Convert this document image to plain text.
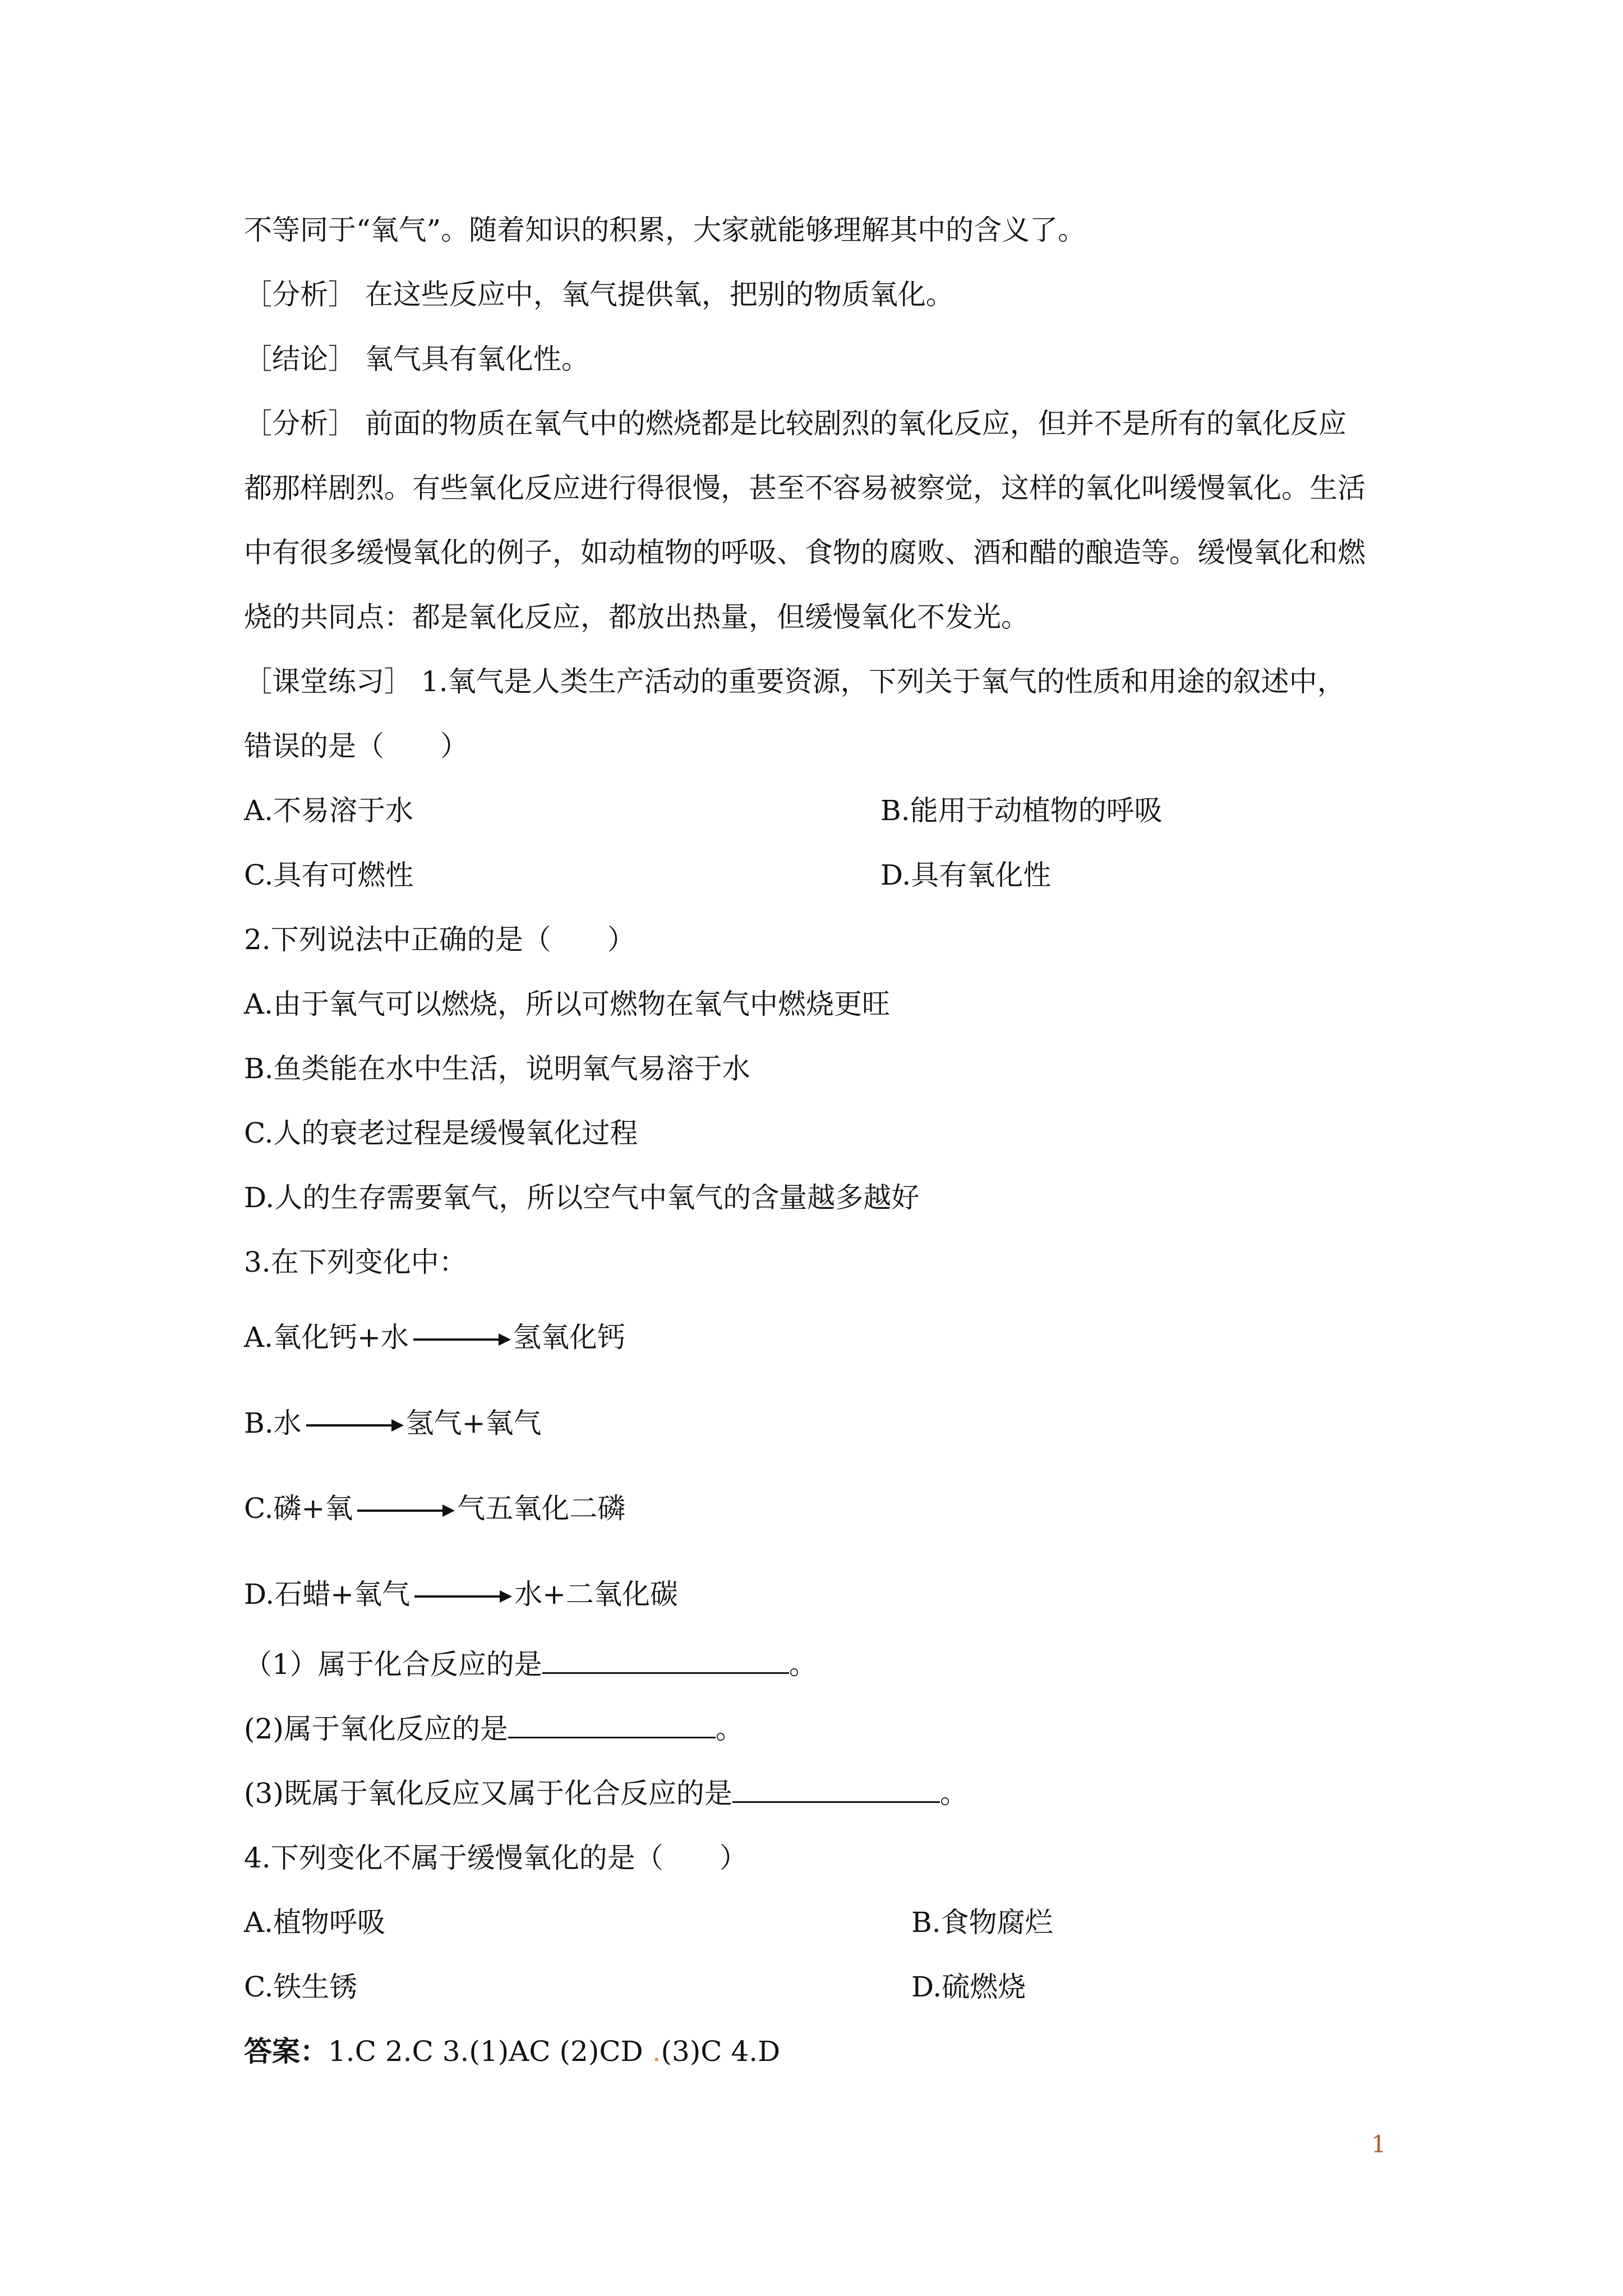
不等同于“氧气”。随着知识的积累，大家就能够理解其中的含义了。
［分析］ 在这些反应中，氧气提供氧，把别的物质氧化。
［结论］ 氧气具有氧化性。
［分析］ 前面的物质在氧气中的燃烧都是比较剧烈的氧化反应，但并不是所有的氧化反应
都那样剧烈。有些氧化反应进行得很慢，甚至不容易被察觉，这样的氧化叫缓慢氧化。生活
中有很多缓慢氧化的例子，如动植物的呼吸、食物的腐败、酒和醋的酿造等。缓慢氧化和燃
烧的共同点：都是氧化反应，都放出热量，但缓慢氧化不发光。
［课堂练习］ 1.氧气是人类生产活动的重要资源，下列关于氧气的性质和用途的叙述中，
错误的是（　　）
A.不易溶于水	B.能用于动植物的呼吸
C.具有可燃性	D.具有氧化性
2.下列说法中正确的是（　　）
A.由于氧气可以燃烧，所以可燃物在氧气中燃烧更旺
B.鱼类能在水中生活，说明氧气易溶于水
C.人的衰老过程是缓慢氧化过程
D.人的生存需要氧气，所以空气中氧气的含量越多越好
3.在下列变化中：
A.氧化钙+水 → 氢氧化钙
B.水 → 氢气+氧气
C.磷+氧 → 气五氧化二磷
D.石蜡+氧气 → 水+二氧化碳
（1）属于化合反应的是	。
(2)属于氧化反应的是	。
(3)既属于氧化反应又属于化合反应的是	。
4.下列变化不属于缓慢氧化的是（　　）
A.植物呼吸	B.食物腐烂
C.铁生锈	D.硫燃烧
答案：1.C 2.C 3.(1)AC (2)CD .(3)C 4.D
1
